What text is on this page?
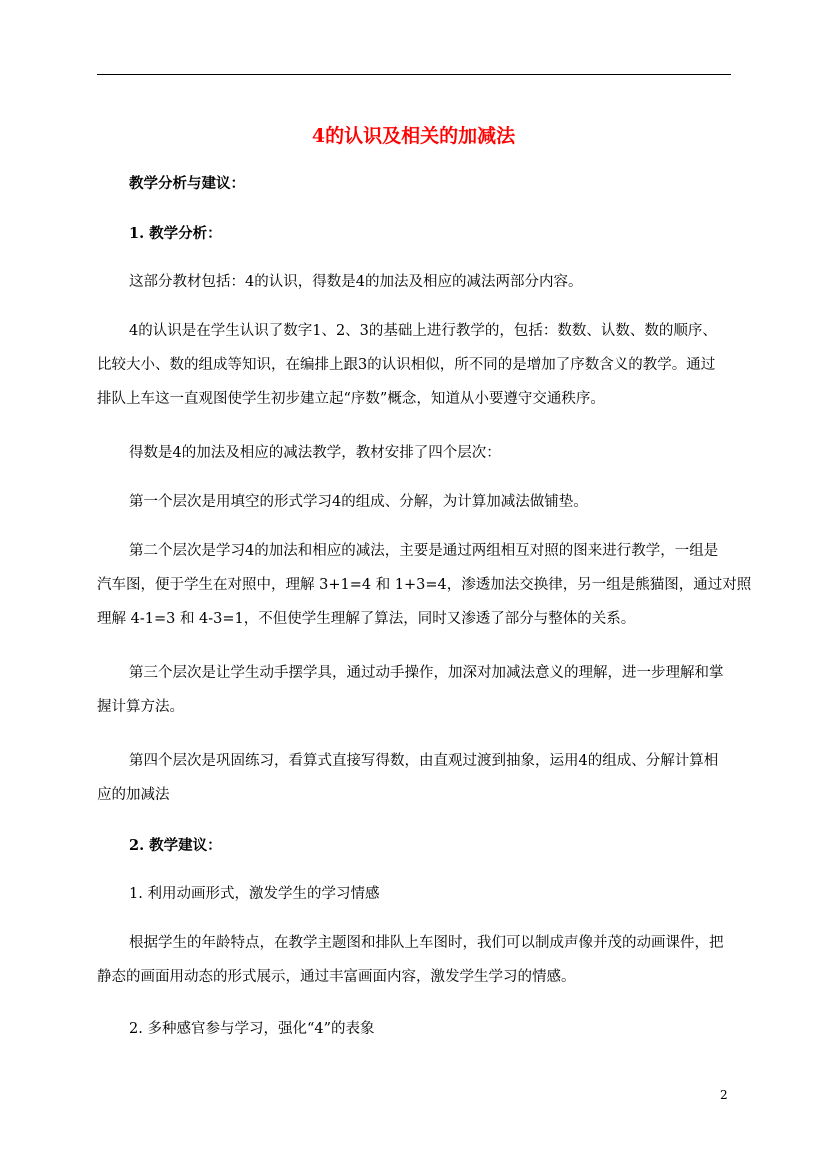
4的认识及相关的加减法

教学分析与建议：

1. 教学分析：

这部分教材包括：4的认识，得数是4的加法及相应的减法两部分内容。

4的认识是在学生认识了数字1、2、3的基础上进行教学的，包括：数数、认数、数的顺序、
比较大小、数的组成等知识，在编排上跟3的认识相似，所不同的是增加了序数含义的教学。通过
排队上车这一直观图使学生初步建立起“序数”概念，知道从小要遵守交通秩序。

得数是4的加法及相应的减法教学，教材安排了四个层次：

第一个层次是用填空的形式学习4的组成、分解，为计算加减法做铺垫。

第二个层次是学习4的加法和相应的减法，主要是通过两组相互对照的图来进行教学，一组是
汽车图，便于学生在对照中，理解 3+1=4 和 1+3=4，渗透加法交换律，另一组是熊猫图，通过对照
理解 4-1=3 和 4-3=1，不但使学生理解了算法，同时又渗透了部分与整体的关系。

第三个层次是让学生动手摆学具，通过动手操作，加深对加减法意义的理解，进一步理解和掌
握计算方法。

第四个层次是巩固练习，看算式直接写得数，由直观过渡到抽象，运用4的组成、分解计算相
应的加减法

2. 教学建议：

1. 利用动画形式，激发学生的学习情感

根据学生的年龄特点，在教学主题图和排队上车图时，我们可以制成声像并茂的动画课件，把
静态的画面用动态的形式展示，通过丰富画面内容，激发学生学习的情感。

2. 多种感官参与学习，强化“4”的表象

2
